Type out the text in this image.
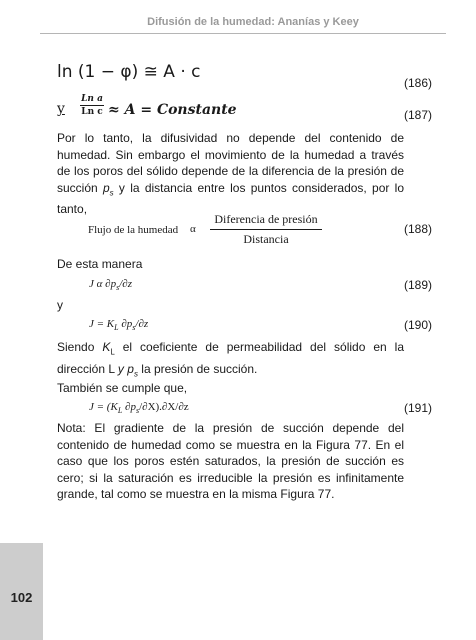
Difusión de la humedad: Ananías y Keey
ln (1 − φ) ≅ A · c
(186)
y $\frac{\text{Ln a}}{\text{Ln c}} \approx A$ = Constante	(187)
Por lo tanto, la difusividad no depende del contenido de humedad. Sin embargo el movimiento de la humedad a través de los poros del sólido depende de la diferencia de la presión de succión $p_s$ y la distancia entre los puntos considerados, por lo tanto,
Flujo de la humedad α
Diferencia de presión
Distancia
(188)
De esta manera
J α $\partial p_s/\partial z$	(189)
y
$J = K_L$ $\partial p_s/\partial z$	(190)
Siendo $K_L$ el coeficiente de permeabilidad del sólido en la dirección L y $p_s$ la presión de succión.
También se cumple que,
$J = (K_L$ $\partial p_s/\partial X).\partial X/\partial z$	(191)
Nota: El gradiente de la presión de succión depende del contenido de humedad como se muestra en la Figura 77. En el caso que los poros estén saturados, la presión de succión es cero; si la saturación es irreducible la presión es infinitamente grande, tal como se muestra en la misma Figura 77.
102
